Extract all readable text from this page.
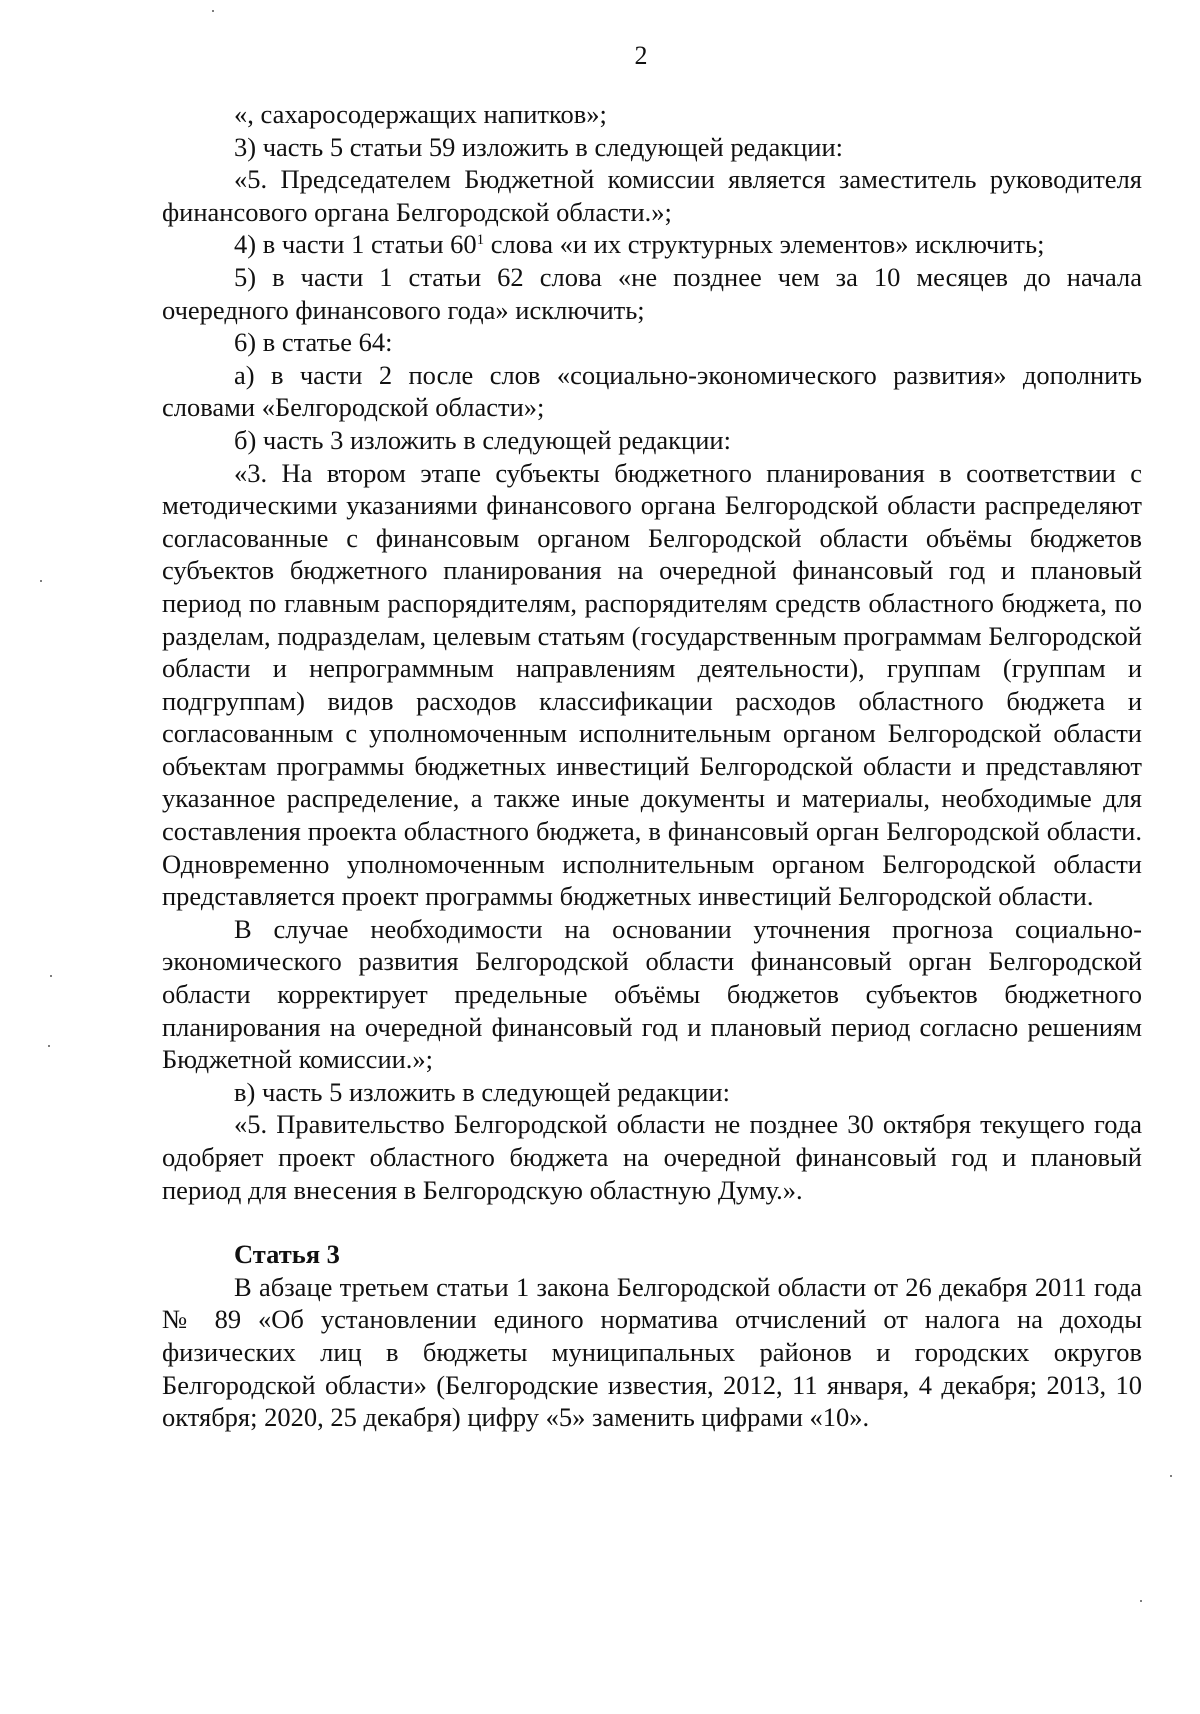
2

«, сахаросодержащих напитков»;

3) часть 5 статьи 59 изложить в следующей редакции:

«5. Председателем Бюджетной комиссии является заместитель руководителя финансового органа Белгородской области.»;

4) в части 1 статьи $60^1$ слова «и их структурных элементов» исключить;

5) в части 1 статьи 62 слова «не позднее чем за 10 месяцев до начала очередного финансового года» исключить;

6) в статье 64:

а) в части 2 после слов «социально-экономического развития» дополнить словами «Белгородской области»;

б) часть 3 изложить в следующей редакции:

«3. На втором этапе субъекты бюджетного планирования в соответствии с методическими указаниями финансового органа Белгородской области распределяют согласованные с финансовым органом Белгородской области объёмы бюджетов субъектов бюджетного планирования на очередной финансовый год и плановый период по главным распорядителям, распорядителям средств областного бюджета, по разделам, подразделам, целевым статьям (государственным программам Белгородской области и непрограммным направлениям деятельности), группам (группам и подгруппам) видов расходов классификации расходов областного бюджета и согласованным с уполномоченным исполнительным органом Белгородской области объектам программы бюджетных инвестиций Белгородской области и представляют указанное распределение, а также иные документы и материалы, необходимые для составления проекта областного бюджета, в финансовый орган Белгородской области. Одновременно уполномоченным исполнительным органом Белгородской области представляется проект программы бюджетных инвестиций Белгородской области.

В случае необходимости на основании уточнения прогноза социально-экономического развития Белгородской области финансовый орган Белгородской области корректирует предельные объёмы бюджетов субъектов бюджетного планирования на очередной финансовый год и плановый период согласно решениям Бюджетной комиссии.»;

в) часть 5 изложить в следующей редакции:

«5. Правительство Белгородской области не позднее 30 октября текущего года одобряет проект областного бюджета на очередной финансовый год и плановый период для внесения в Белгородскую областную Думу.».

Статья 3

В абзаце третьем статьи 1 закона Белгородской области от 26 декабря 2011 года № 89 «Об установлении единого норматива отчислений от налога на доходы физических лиц в бюджеты муниципальных районов и городских округов Белгородской области» (Белгородские известия, 2012, 11 января, 4 декабря; 2013, 10 октября; 2020, 25 декабря) цифру «5» заменить цифрами «10».
